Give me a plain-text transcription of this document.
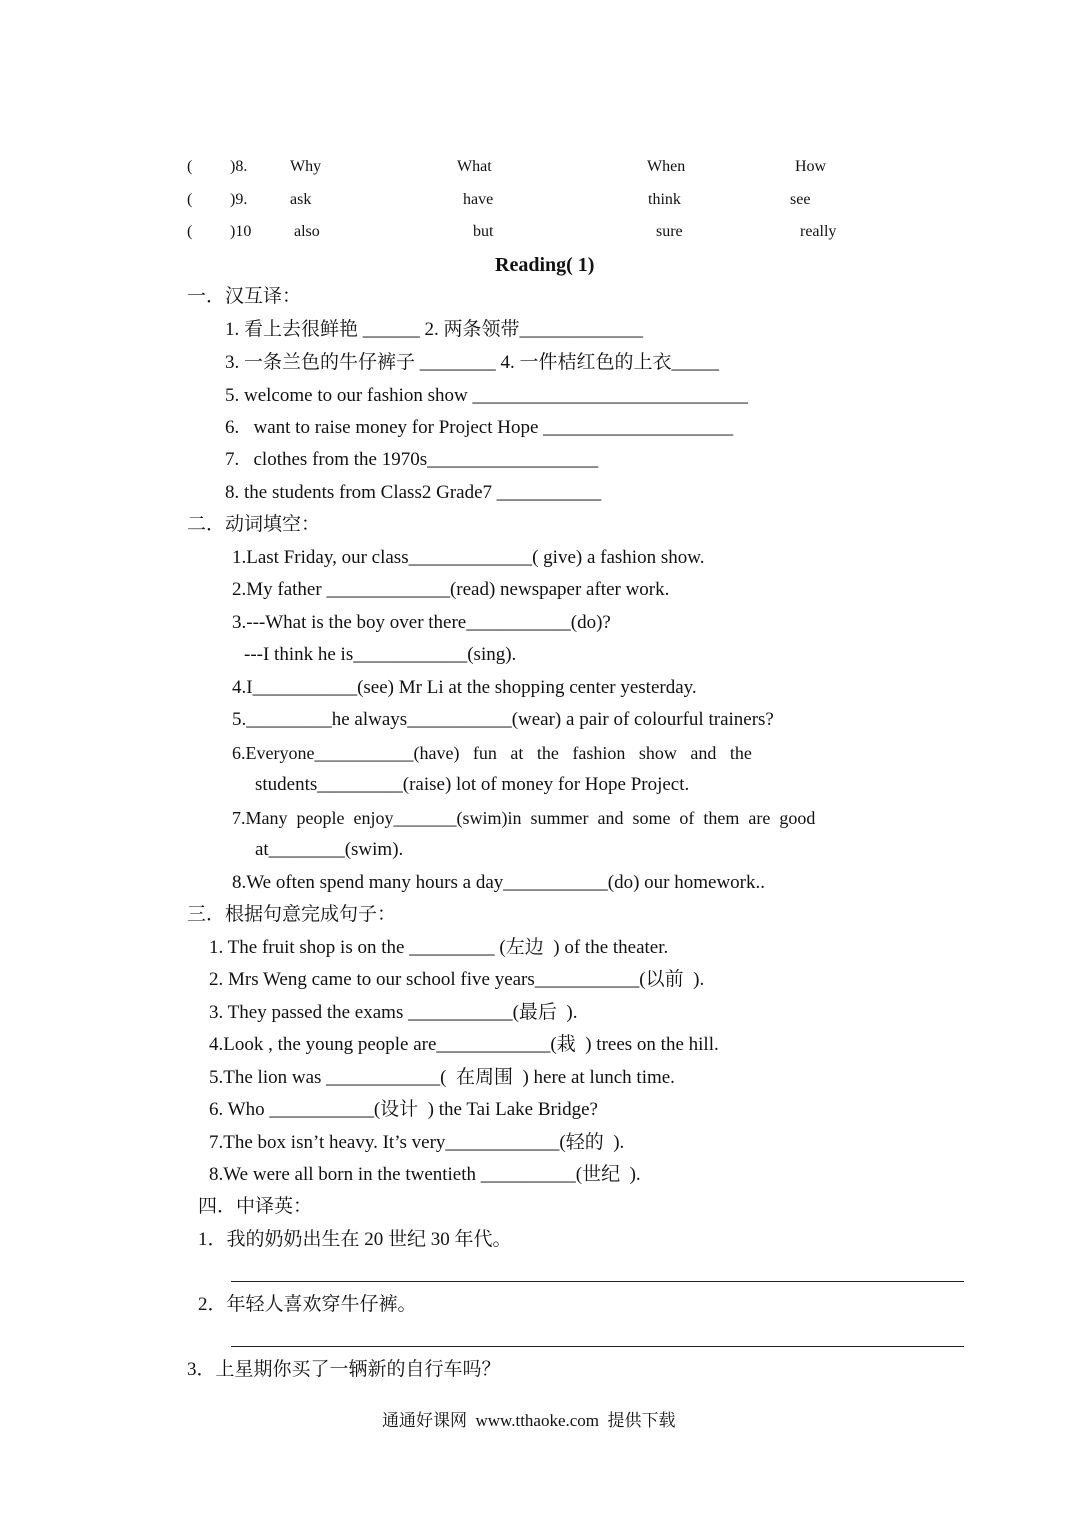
( )8.	Why	What	When	How
( )9.	ask	have	think	see
( )10	also	but	sure	really
Reading( 1)
一．汉互译：
1. 看上去很鲜艳 ______ 2. 两条领带_____________
3. 一条兰色的牛仔裤子 ________ 4. 一件桔红色的上衣_____
5. welcome to our fashion show _____________________________
6.   want to raise money for Project Hope ____________________
7.   clothes from the 1970s__________________
8. the students from Class2 Grade7 ___________
二．动词填空：
1.Last Friday, our class_____________( give) a fashion show.
2.My father _____________(read) newspaper after work.
3.---What is the boy over there___________(do)?
---I think he is____________(sing).
4.I___________(see) Mr Li at the shopping center yesterday.
5._________he always___________(wear) a pair of colourful trainers?
6.Everyone___________(have)   fun   at   the   fashion   show   and   the
students_________(raise) lot of money for Hope Project.
7.Many  people  enjoy_______(swim)in  summer  and  some  of  them  are  good
at________(swim).
8.We often spend many hours a day___________(do) our homework..
三．根据句意完成句子：
1. The fruit shop is on the _________ (左边  ) of the theater.
2. Mrs Weng came to our school five years___________(以前  ).
3. They passed the exams ___________(最后  ).
4.Look , the young people are____________(栽  ) trees on the hill.
5.The lion was ____________(  在周围  ) here at lunch time.
6. Who ___________(设计  ) the Tai Lake Bridge?
7.The box isn’t heavy. It’s very____________(轻的  ).
8.We were all born in the twentieth __________(世纪  ).
四．中译英：
1．我的奶奶出生在 20 世纪 30 年代。
2．年轻人喜欢穿牛仔裤。
3．上星期你买了一辆新的自行车吗？
通通好课网  www.tthaoke.com  提供下载
